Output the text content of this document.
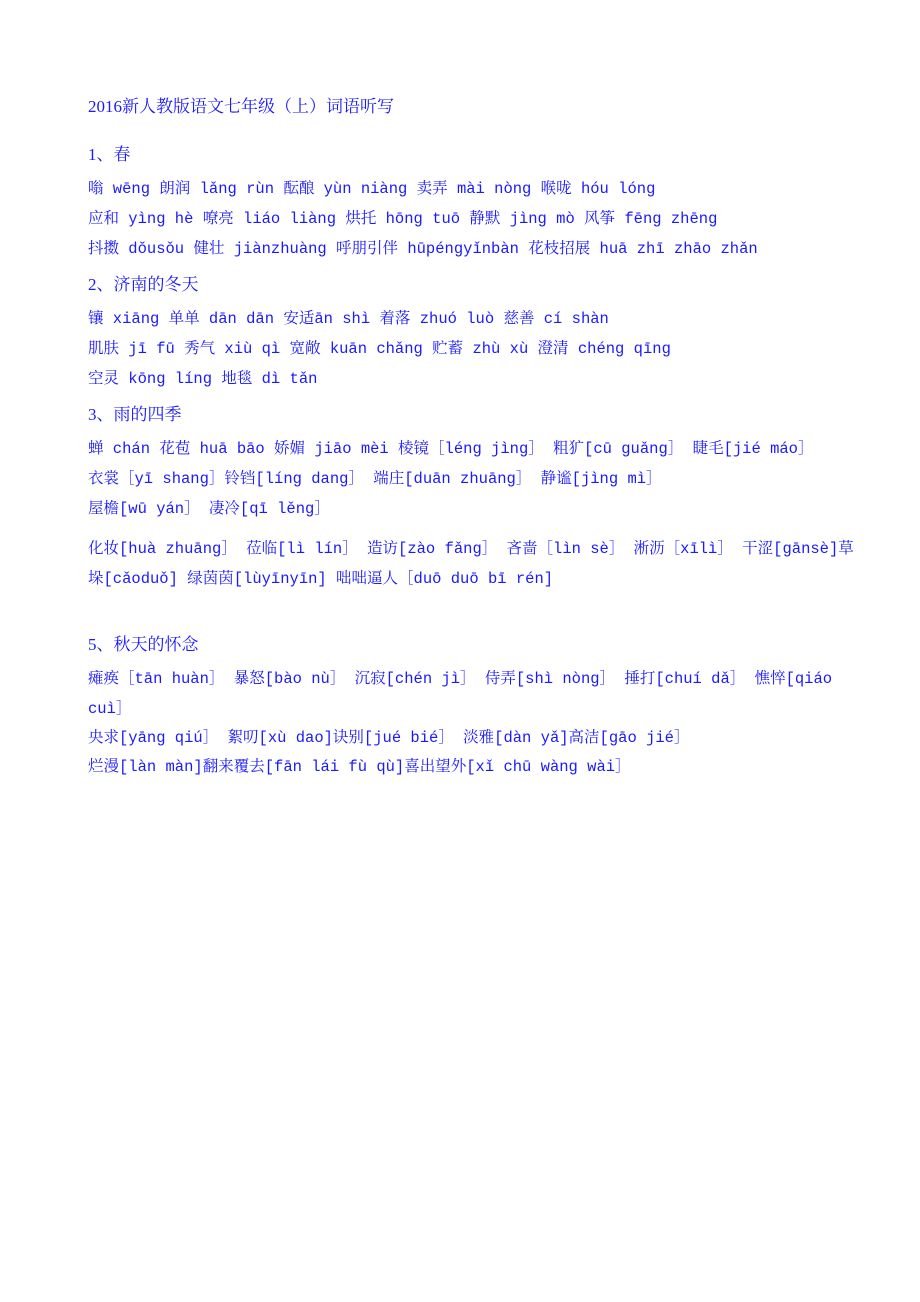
2016新人教版语文七年级（上）词语听写
1、春

嗡 wēng 朗润 lǎng rùn 酝酿 yùn niàng 卖弄 mài nòng 喉咙 hóu lóng

应和 yìng hè 嘹亮 liáo liàng 烘托 hōng tuō 静默 jìng mò 风筝 fēng zhēng

抖擞 dǒusǒu 健壮 jiànzhuàng 呼朋引伴 hūpéngyǐnbàn 花枝招展 huā zhī zhāo zhǎn

2、济南的冬天

镶 xiāng 单单 dān dān 安适ān shì 着落 zhuó luò 慈善 cí shàn

肌肤 jī fū 秀气 xiù qì 宽敞 kuān chǎng 贮蓄 zhù xù 澄清 chéng qīng

空灵 kōng líng 地毯 dì tǎn

3、雨的四季

蝉 chán 花苞 huā bāo 娇媚 jiāo mèi 棱镜［léng jìng］ 粗犷[cū guǎng］ 睫毛[jié máo］

衣裳［yī shang］铃铛[líng dang］ 端庄[duān zhuāng］ 静谧[jìng mì］

屋檐[wū yán］ 凄冷[qī lěng］

化妆[huà zhuāng］ 莅临[lì lín］ 造访[zào fǎng］ 吝啬［lìn sè］ 淅沥［xīlì］ 干涩[gānsè]草垛[cǎoduǒ] 绿茵茵[lùyīnyīn] 咄咄逼人［duō duō bī rén]

5、秋天的怀念

瘫痪［tān huàn］ 暴怒[bào nù］ 沉寂[chén jì］ 侍弄[shì nòng］ 捶打[chuí dǎ］ 憔悴[qiáo cuì］

央求[yāng qiú］ 絮叨[xù dao]诀别[jué bié］ 淡雅[dàn yǎ]高洁[gāo jié］

烂漫[làn màn]翻来覆去[fān lái fù qù]喜出望外[xǐ chū wàng wài］
